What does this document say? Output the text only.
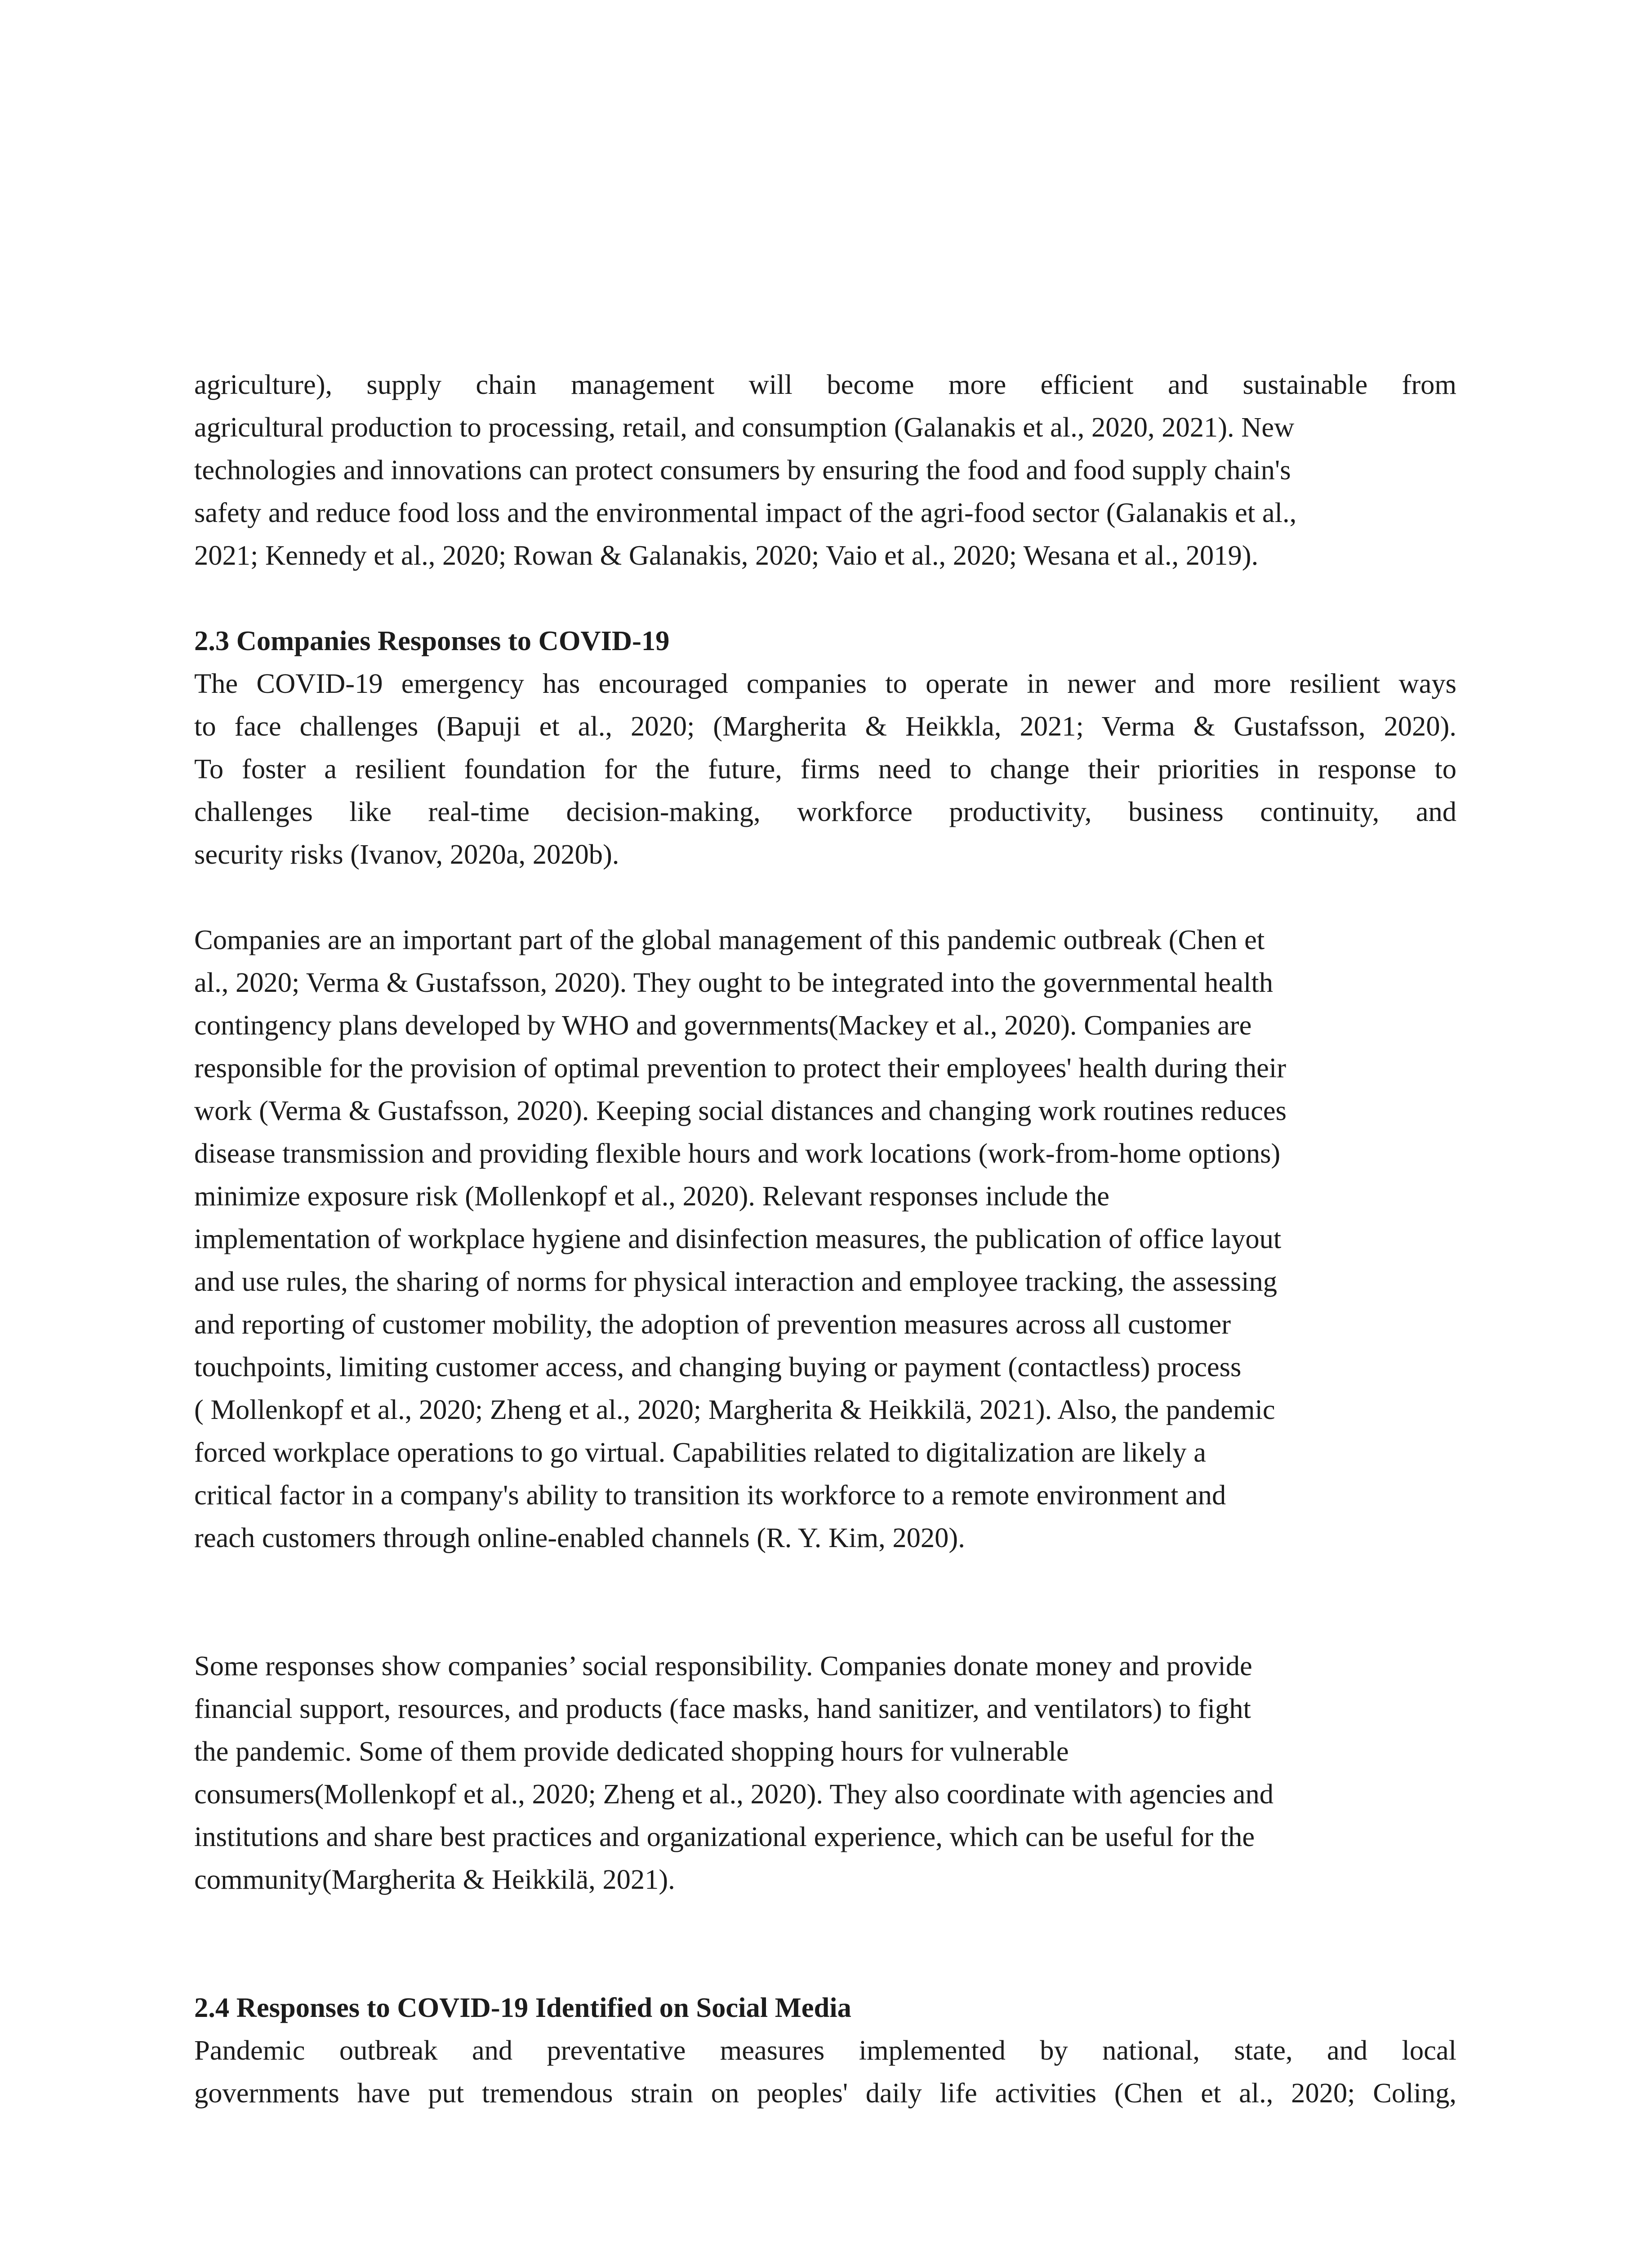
agriculture), supply chain management will become more efficient and sustainable from
agricultural production to processing, retail, and consumption (Galanakis et al., 2020, 2021). New
technologies and innovations can protect consumers by ensuring the food and food supply chain's
safety and reduce food loss and the environmental impact of the agri-food sector (Galanakis et al.,
2021; Kennedy et al., 2020; Rowan & Galanakis, 2020; Vaio et al., 2020; Wesana et al., 2019).
2.3 Companies Responses to COVID-19
The COVID-19 emergency has encouraged companies to operate in newer and more resilient ways
to face challenges (Bapuji et al., 2020; (Margherita & Heikkla, 2021; Verma & Gustafsson, 2020).
To foster a resilient foundation for the future, firms need to change their priorities in response to
challenges like real-time decision-making, workforce productivity, business continuity, and
security risks (Ivanov, 2020a, 2020b).
Companies are an important part of the global management of this pandemic outbreak (Chen et
al., 2020; Verma & Gustafsson, 2020). They ought to be integrated into the governmental health
contingency plans developed by WHO and governments(Mackey et al., 2020). Companies are
responsible for the provision of optimal prevention to protect their employees' health during their
work (Verma & Gustafsson, 2020). Keeping social distances and changing work routines reduces
disease transmission and providing flexible hours and work locations (work-from-home options)
minimize exposure risk (Mollenkopf et al., 2020). Relevant responses include the
implementation of workplace hygiene and disinfection measures, the publication of office layout
and use rules, the sharing of norms for physical interaction and employee tracking, the assessing
and reporting of customer mobility, the adoption of prevention measures across all customer
touchpoints, limiting customer access, and changing buying or payment (contactless) process
( Mollenkopf et al., 2020; Zheng et al., 2020; Margherita & Heikkilä, 2021). Also, the pandemic
forced workplace operations to go virtual. Capabilities related to digitalization are likely a
critical factor in a company's ability to transition its workforce to a remote environment and
reach customers through online-enabled channels (R. Y. Kim, 2020).
Some responses show companies’ social responsibility. Companies donate money and provide
financial support, resources, and products (face masks, hand sanitizer, and ventilators) to fight
the pandemic. Some of them provide dedicated shopping hours for vulnerable
consumers(Mollenkopf et al., 2020; Zheng et al., 2020). They also coordinate with agencies and
institutions and share best practices and organizational experience, which can be useful for the
community(Margherita & Heikkilä, 2021).
2.4 Responses to COVID-19 Identified on Social Media
Pandemic outbreak and preventative measures implemented by national, state, and local
governments have put tremendous strain on peoples' daily life activities (Chen et al., 2020; Coling,
